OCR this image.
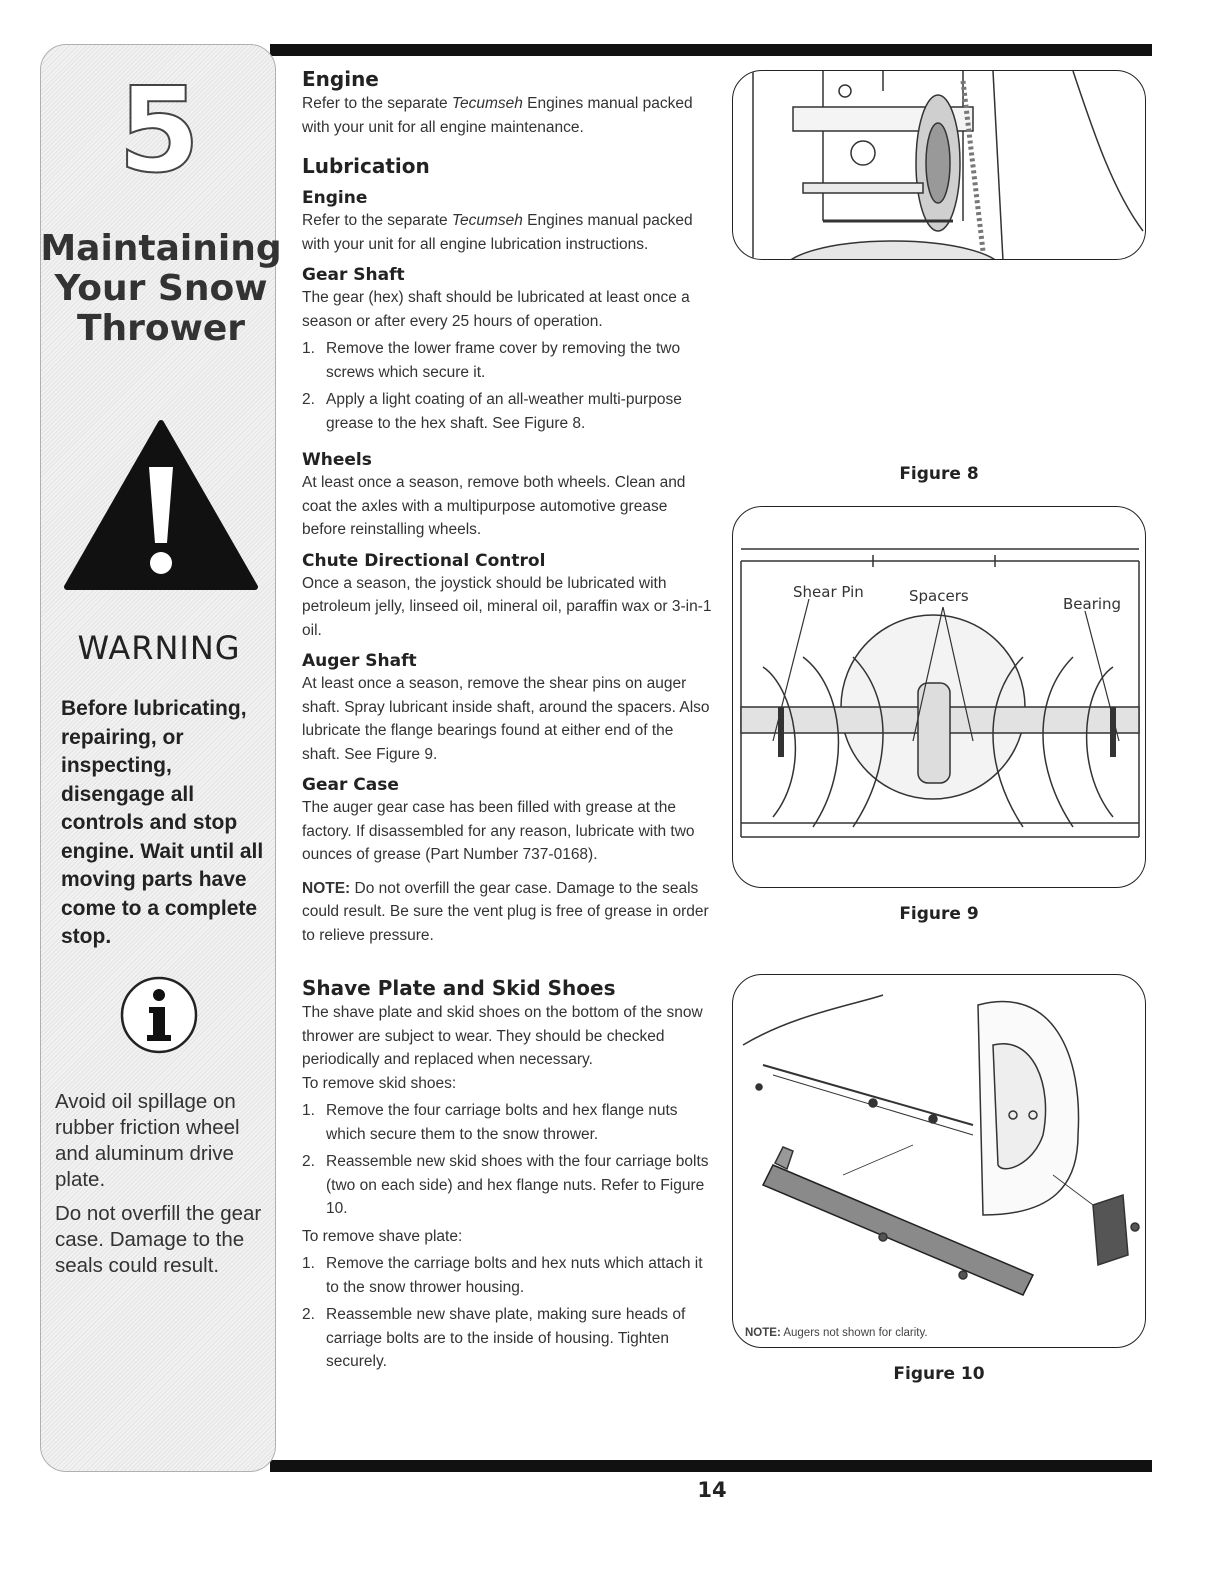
5
Maintaining
Your Snow
Thrower
WARNING
Before lubricating, repairing, or inspecting, disengage all controls and stop engine. Wait until all moving parts have come to a complete stop.

Avoid oil spillage on rubber friction wheel and aluminum drive plate.

Do not overfill the gear case. Damage to the seals could result.

Engine

Refer to the separate Tecumseh Engines manual packed with your unit for all engine maintenance.

Lubrication
Engine

Refer to the separate Tecumseh Engines manual packed with your unit for all engine lubrication instructions.

Gear Shaft

The gear (hex) shaft should be lubricated at least once a season or after every 25 hours of operation.

1. Remove the lower frame cover by removing the two screws which secure it.
2. Apply a light coating of an all-weather multi-purpose grease to the hex shaft. See Figure 8.
Wheels

At least once a season, remove both wheels. Clean and coat the axles with a multipurpose automotive grease before reinstalling wheels.

Chute Directional Control

Once a season, the joystick should be lubricated with petroleum jelly, linseed oil, mineral oil, paraffin wax or 3-in-1 oil.

Auger Shaft

At least once a season, remove the shear pins on auger shaft. Spray lubricant inside shaft, around the spacers. Also lubricate the flange bearings found at either end of the shaft. See Figure 9.

Gear Case

The auger gear case has been filled with grease at the factory. If disassembled for any reason, lubricate with two ounces of grease (Part Number 737-0168).

NOTE: Do not overfill the gear case. Damage to the seals could result. Be sure the vent plug is free of grease in order to relieve pressure.

Shave Plate and Skid Shoes

The shave plate and skid shoes on the bottom of the snow thrower are subject to wear. They should be checked periodically and replaced when necessary.

To remove skid shoes:

1. Remove the four carriage bolts and hex flange nuts which secure them to the snow thrower.
2. Reassemble new skid shoes with the four carriage bolts (two on each side) and hex flange nuts. Refer to Figure 10.

To remove shave plate:

1. Remove the carriage bolts and hex nuts which attach it to the snow thrower housing.
2. Reassemble new shave plate, making sure heads of carriage bolts are to the inside of housing. Tighten securely.
Figure 8
Shear Pin	Spacers	Bearing
Figure 9
NOTE: Augers not shown for clarity.
Figure 10
14
